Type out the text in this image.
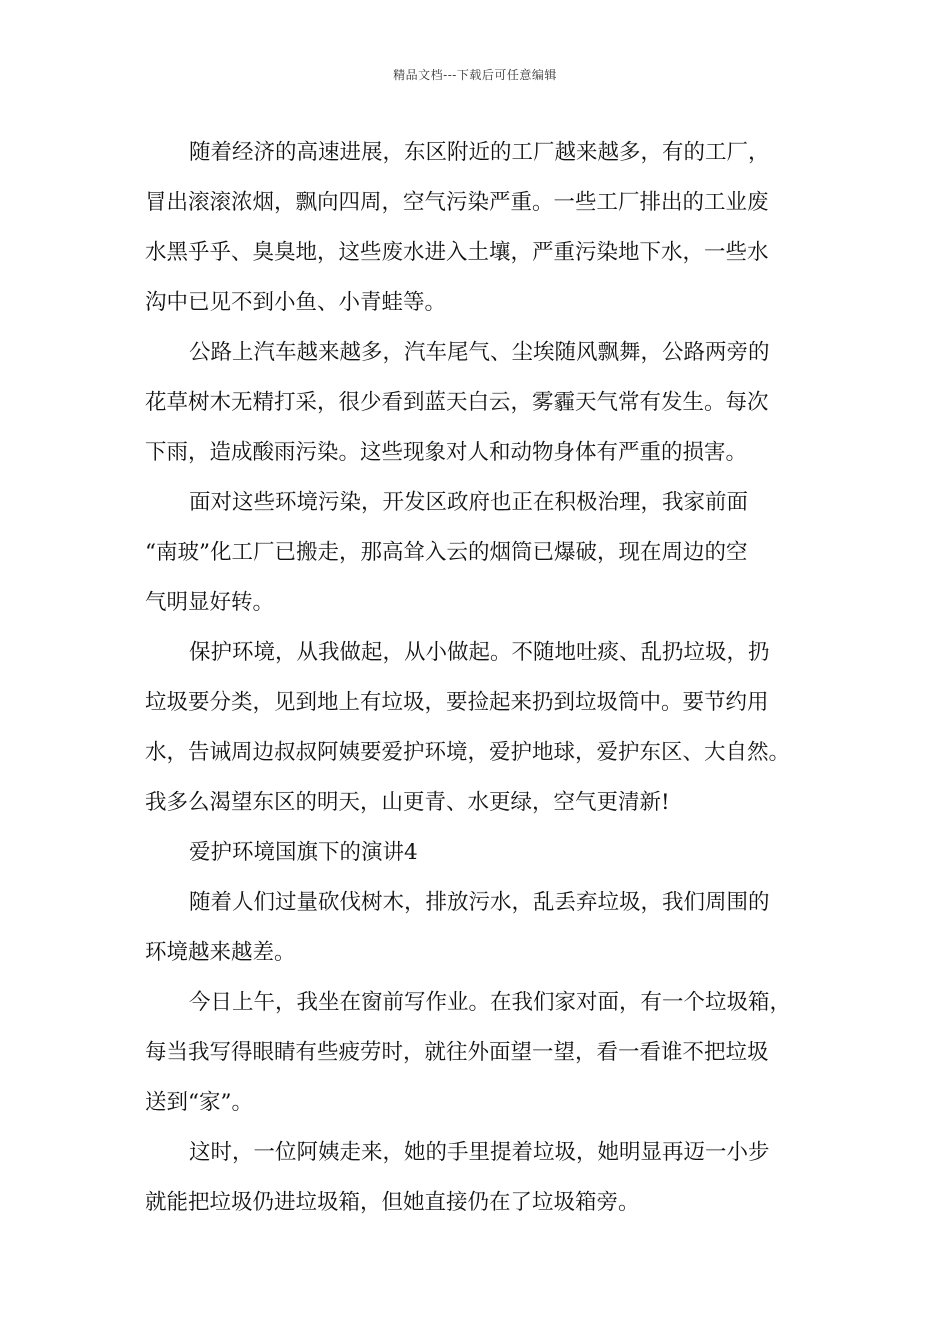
精品文档---下载后可任意编辑
随着经济的高速进展，东区附近的工厂越来越多，有的工厂，
冒出滚滚浓烟，飘向四周，空气污染严重。一些工厂排出的工业废
水黑乎乎、臭臭地，这些废水进入土壤，严重污染地下水，一些水
沟中已见不到小鱼、小青蛙等。
公路上汽车越来越多，汽车尾气、尘埃随风飘舞，公路两旁的
花草树木无精打采，很少看到蓝天白云，雾霾天气常有发生。每次
下雨，造成酸雨污染。这些现象对人和动物身体有严重的损害。
面对这些环境污染，开发区政府也正在积极治理，我家前面
“南玻”化工厂已搬走，那高耸入云的烟筒已爆破，现在周边的空
气明显好转。
保护环境，从我做起，从小做起。不随地吐痰、乱扔垃圾，扔
垃圾要分类，见到地上有垃圾，要捡起来扔到垃圾筒中。要节约用
水，告诫周边叔叔阿姨要爱护环境，爱护地球，爱护东区、大自然。
我多么渴望东区的明天，山更青、水更绿，空气更清新!
爱护环境国旗下的演讲4
随着人们过量砍伐树木，排放污水，乱丢弃垃圾，我们周围的
环境越来越差。
今日上午，我坐在窗前写作业。在我们家对面，有一个垃圾箱，
每当我写得眼睛有些疲劳时，就往外面望一望，看一看谁不把垃圾
送到“家”。
这时，一位阿姨走来，她的手里提着垃圾，她明显再迈一小步
就能把垃圾仍进垃圾箱，但她直接仍在了垃圾箱旁。
